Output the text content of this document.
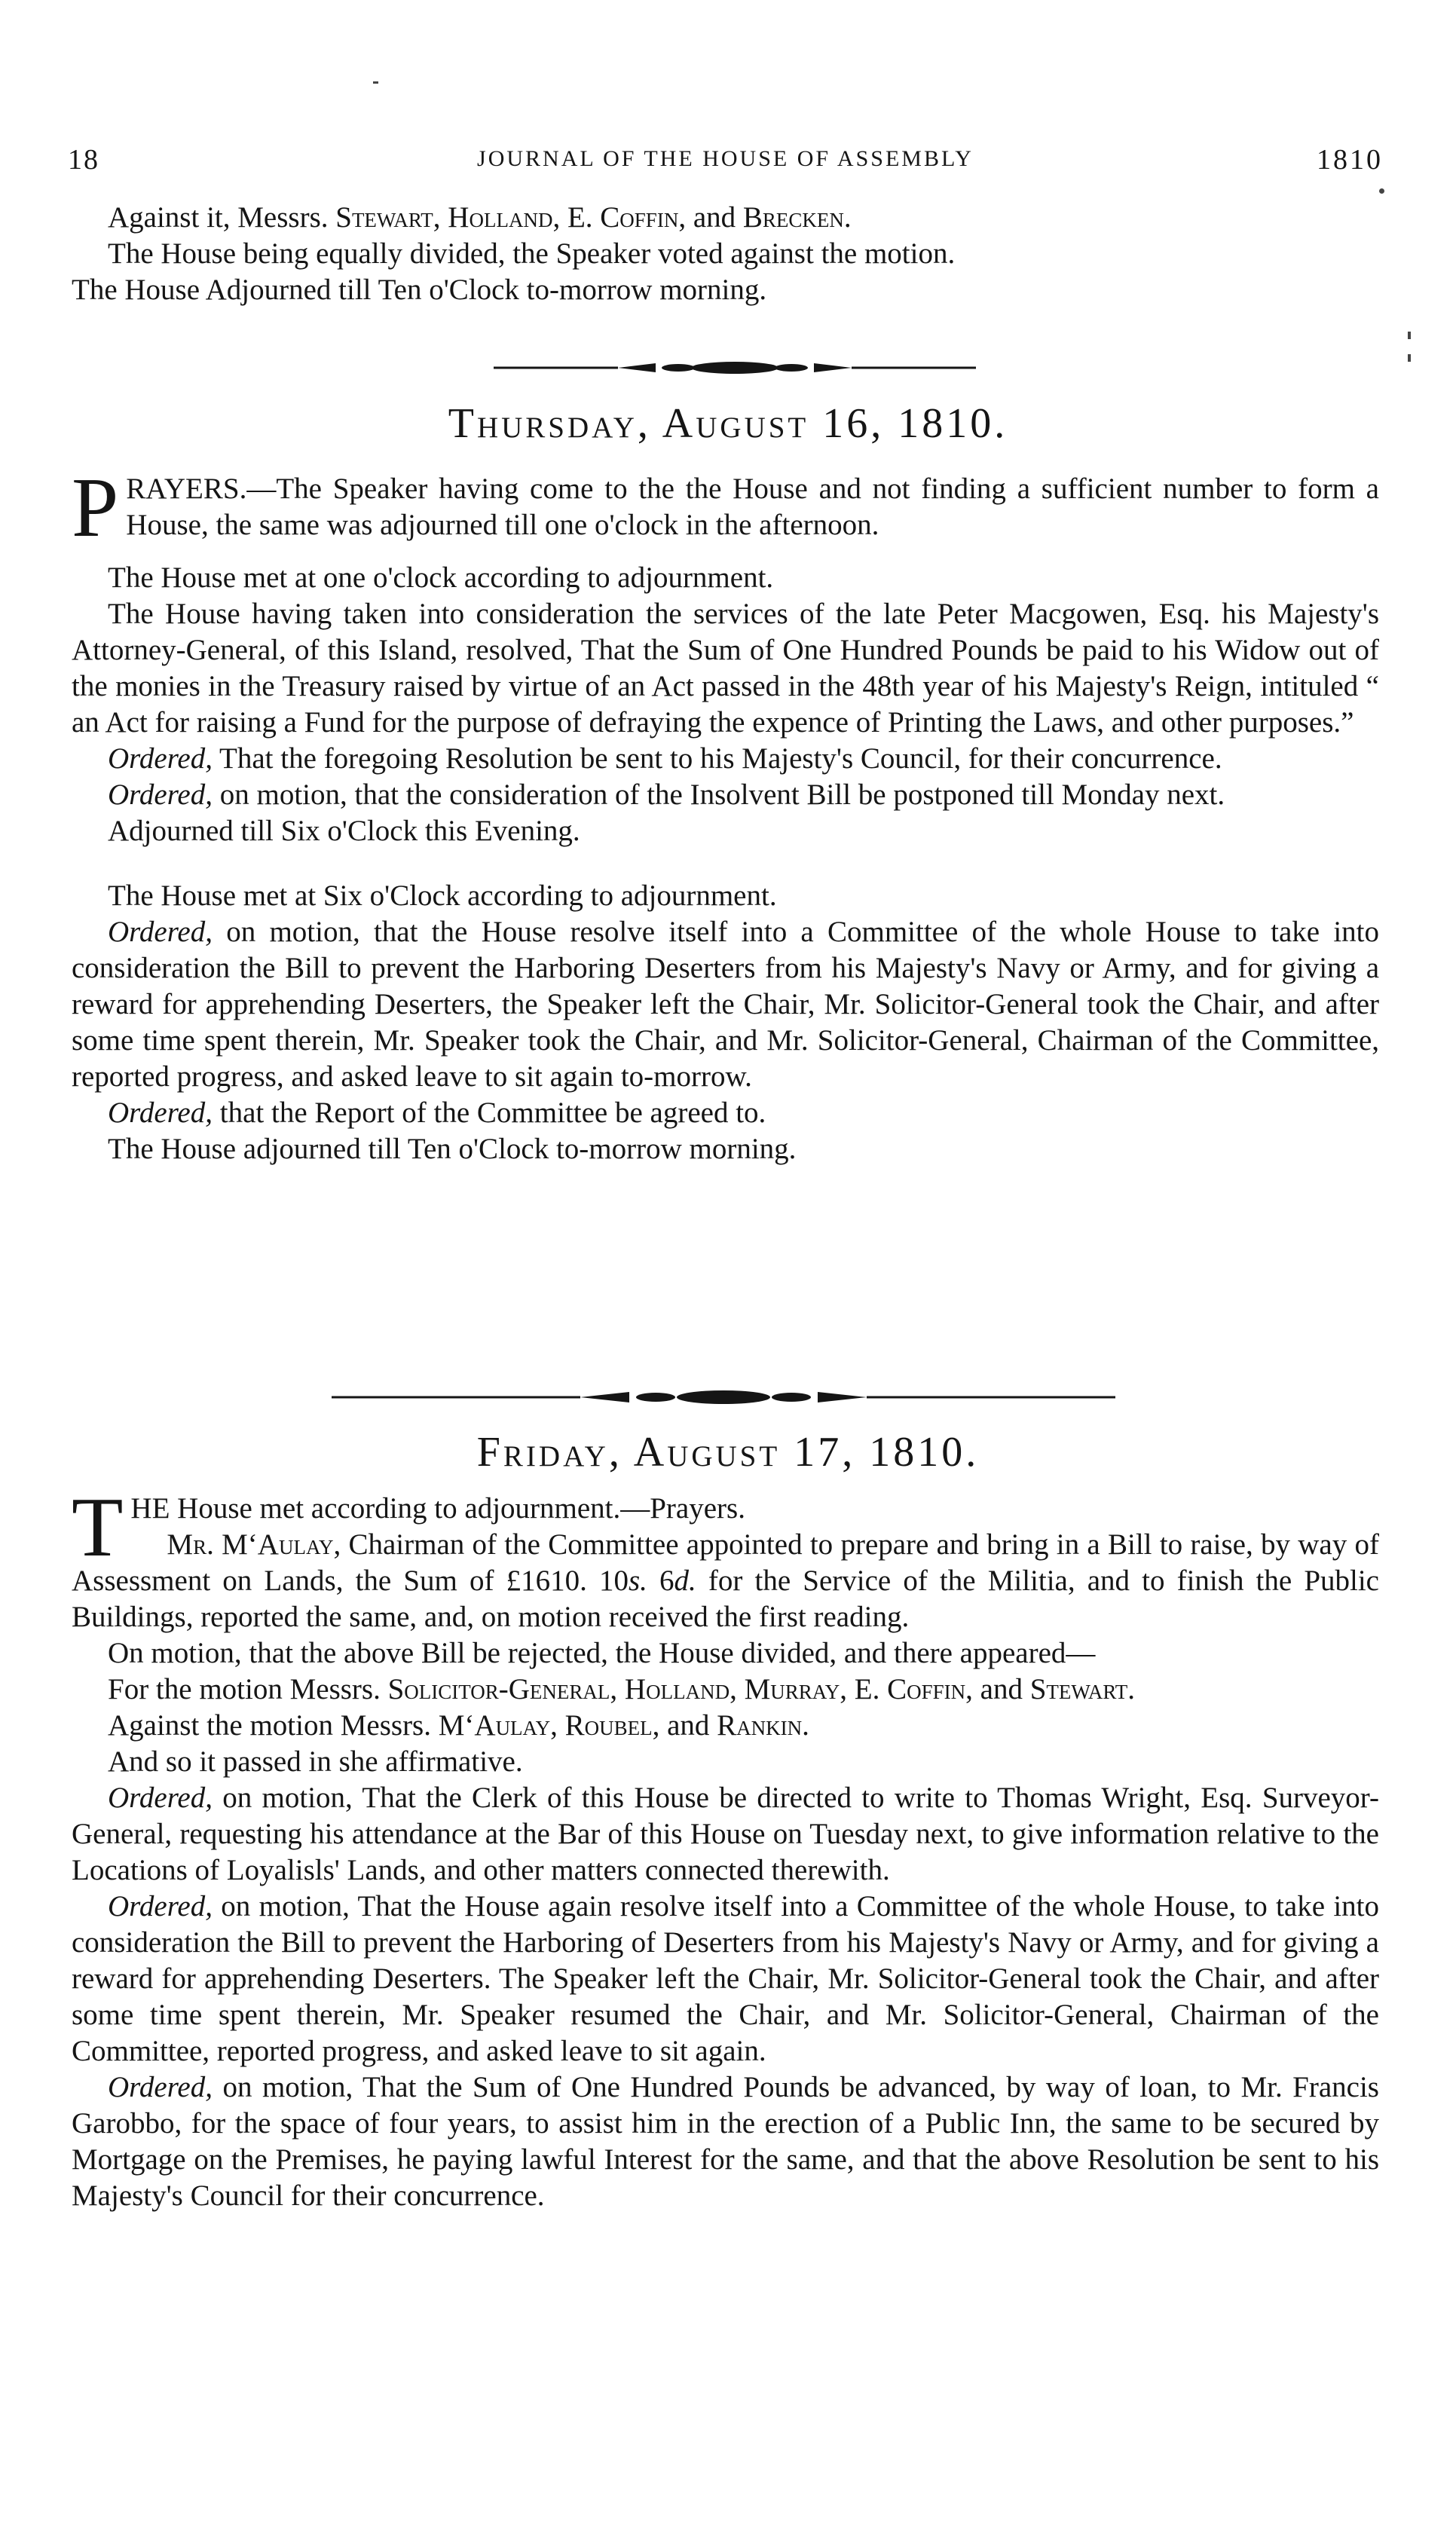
18	JOURNAL OF THE HOUSE OF ASSEMBLY	1810

Against it, Messrs. Stewart, Holland, E. Coffin, and Brecken.

The House being equally divided, the Speaker voted against the motion.

The House Adjourned till Ten o'Clock to-morrow morning.

Thursday, August 16, 1810.
P RAYERS.—The Speaker having come to the the House and not finding a sufficient number to form a House, the same was adjourned till one o'clock in the afternoon.

The House met at one o'clock according to adjournment.

The House having taken into consideration the services of the late Peter Macgowen, Esq. his Majesty's Attorney-General, of this Island, resolved, That the Sum of One Hundred Pounds be paid to his Widow out of the monies in the Treasury raised by virtue of an Act passed in the 48th year of his Majesty's Reign, intituled “ an Act for raising a Fund for the purpose of defraying the expence of Printing the Laws, and other purposes.”

Ordered, That the foregoing Resolution be sent to his Majesty's Council, for their concurrence.

Ordered, on motion, that the consideration of the Insolvent Bill be postponed till Monday next.

Adjourned till Six o'Clock this Evening.

The House met at Six o'Clock according to adjournment.

Ordered, on motion, that the House resolve itself into a Committee of the whole House to take into consideration the Bill to prevent the Harboring Deserters from his Majesty's Navy or Army, and for giving a reward for apprehending Deserters, the Speaker left the Chair, Mr. Solicitor-General took the Chair, and after some time spent therein, Mr. Speaker took the Chair, and Mr. Solicitor-General, Chairman of the Committee, reported progress, and asked leave to sit again to-morrow.

Ordered, that the Report of the Committee be agreed to.

The House adjourned till Ten o'Clock to-morrow morning.

Friday, August 17, 1810.
T HE House met according to adjournment.—Prayers.
Mr. M‘Aulay, Chairman of the Committee appointed to prepare and bring in a Bill to raise, by way of Assessment on Lands, the Sum of £1610. 10s. 6d. for the Service of the Militia, and to finish the Public Buildings, reported the same, and, on motion received the first reading.

On motion, that the above Bill be rejected, the House divided, and there appeared—

For the motion Messrs. Solicitor-General, Holland, Murray, E. Coffin, and Stewart.

Against the motion Messrs. M‘Aulay, Roubel, and Rankin.

And so it passed in she affirmative.

Ordered, on motion, That the Clerk of this House be directed to write to Thomas Wright, Esq. Surveyor-General, requesting his attendance at the Bar of this House on Tuesday next, to give information relative to the Locations of Loyalisls' Lands, and other matters connected therewith.

Ordered, on motion, That the House again resolve itself into a Committee of the whole House, to take into consideration the Bill to prevent the Harboring of Deserters from his Majesty's Navy or Army, and for giving a reward for apprehending Deserters. The Speaker left the Chair, Mr. Solicitor-General took the Chair, and after some time spent therein, Mr. Speaker resumed the Chair, and Mr. Solicitor-General, Chairman of the Committee, reported progress, and asked leave to sit again.

Ordered, on motion, That the Sum of One Hundred Pounds be advanced, by way of loan, to Mr. Francis Garobbo, for the space of four years, to assist him in the erection of a Public Inn, the same to be secured by Mortgage on the Premises, he paying lawful Interest for the same, and that the above Resolution be sent to his Majesty's Council for their concurrence.
